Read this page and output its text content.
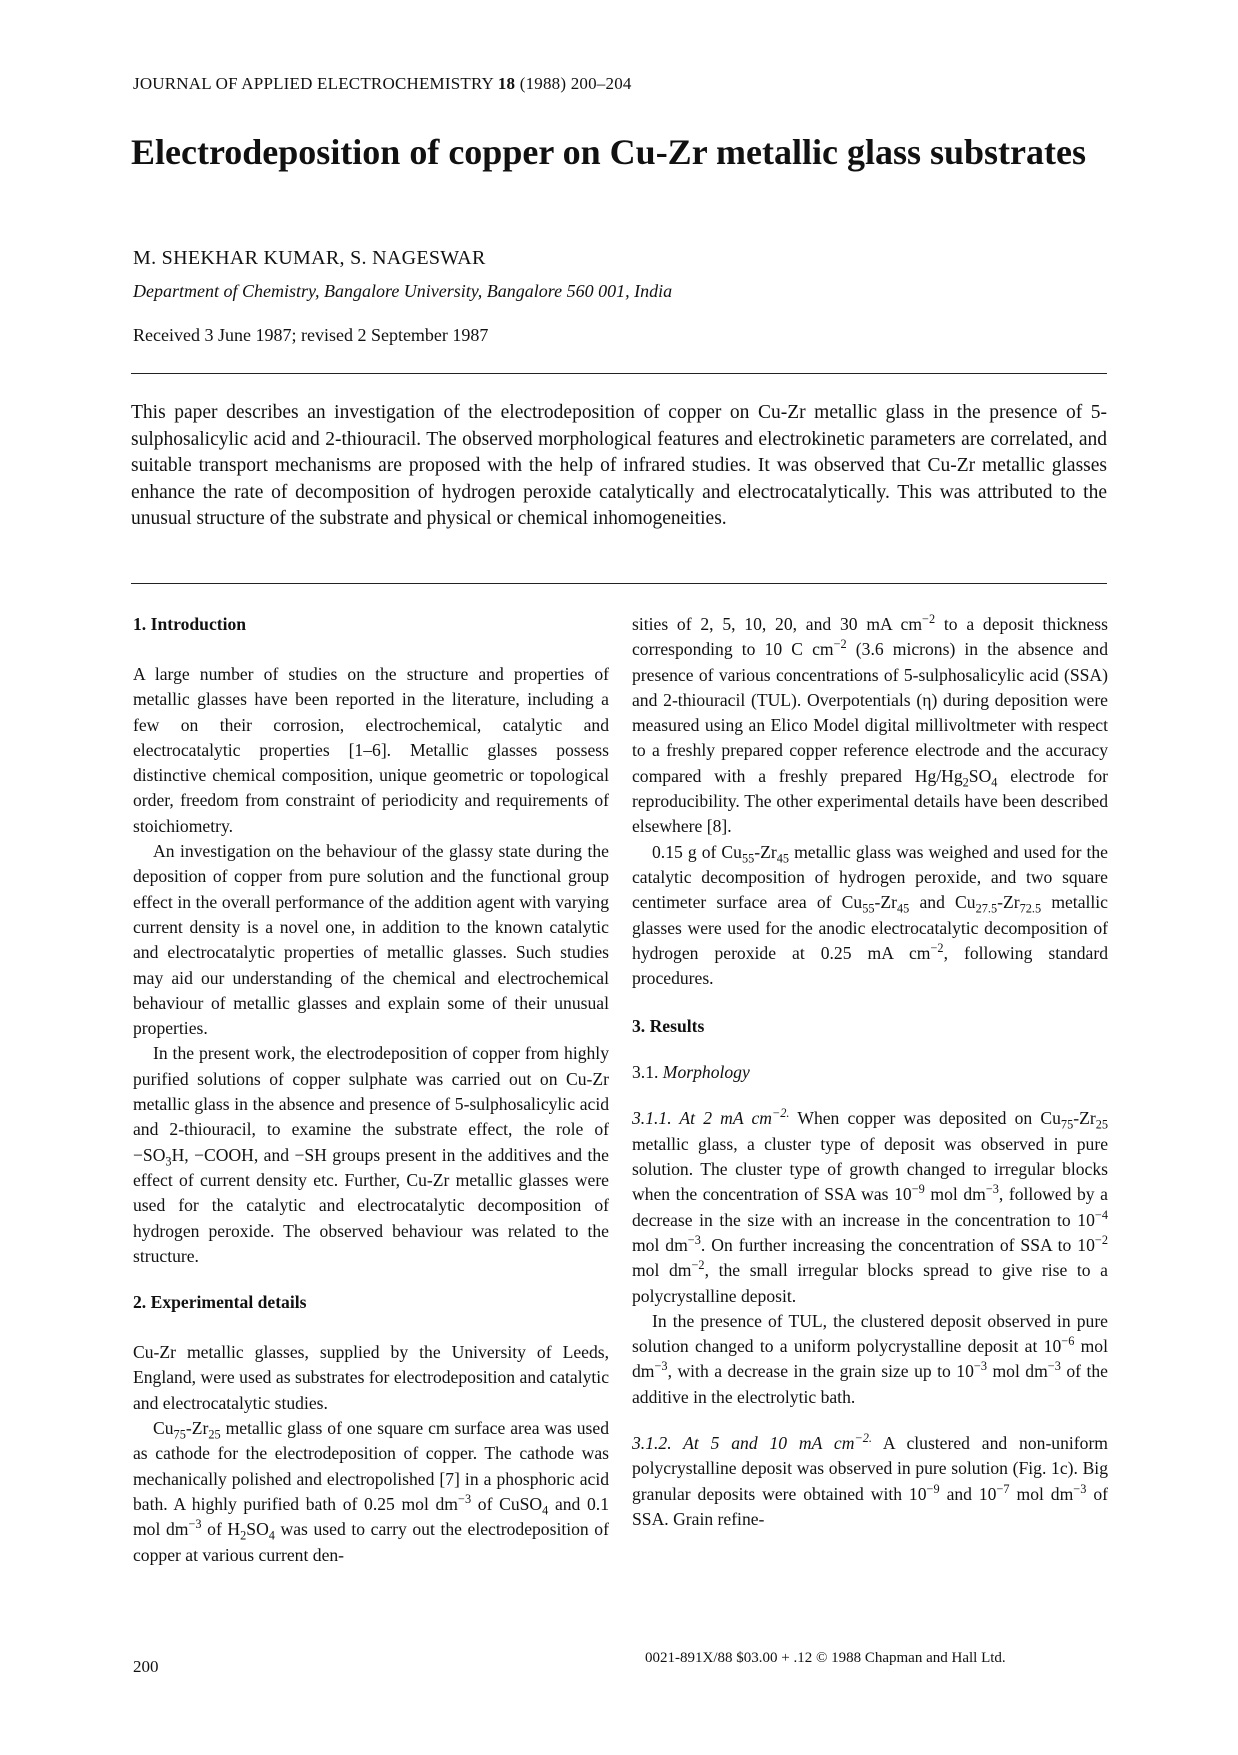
JOURNAL OF APPLIED ELECTROCHEMISTRY 18 (1988) 200–204
Electrodeposition of copper on Cu-Zr metallic glass substrates
M. SHEKHAR KUMAR, S. NAGESWAR
Department of Chemistry, Bangalore University, Bangalore 560 001, India
Received 3 June 1987; revised 2 September 1987

This paper describes an investigation of the electrodeposition of copper on Cu-Zr metallic glass in the presence of 5-sulphosalicylic acid and 2-thiouracil. The observed morphological features and electrokinetic parameters are correlated, and suitable transport mechanisms are proposed with the help of infrared studies. It was observed that Cu-Zr metallic glasses enhance the rate of decomposition of hydrogen peroxide catalytically and electrocatalytically. This was attributed to the unusual structure of the substrate and physical or chemical inhomogeneities.

1. Introduction

A large number of studies on the structure and properties of metallic glasses have been reported in the literature, including a few on their corrosion, electrochemical, catalytic and electrocatalytic properties [1–6]. Metallic glasses possess distinctive chemical composition, unique geometric or topological order, freedom from constraint of periodicity and requirements of stoichiometry.

An investigation on the behaviour of the glassy state during the deposition of copper from pure solution and the functional group effect in the overall performance of the addition agent with varying current density is a novel one, in addition to the known catalytic and electrocatalytic properties of metallic glasses. Such studies may aid our understanding of the chemical and electrochemical behaviour of metallic glasses and explain some of their unusual properties.

In the present work, the electrodeposition of copper from highly purified solutions of copper sulphate was carried out on Cu-Zr metallic glass in the absence and presence of 5-sulphosalicylic acid and 2-thiouracil, to examine the substrate effect, the role of $-SO_3H$, −COOH, and −SH groups present in the additives and the effect of current density etc. Further, Cu-Zr metallic glasses were used for the catalytic and electrocatalytic decomposition of hydrogen peroxide. The observed behaviour was related to the structure.

2. Experimental details

Cu-Zr metallic glasses, supplied by the University of Leeds, England, were used as substrates for electrodeposition and catalytic and electrocatalytic studies.

$Cu_{75}-Zr_{25}$ metallic glass of one square cm surface area was used as cathode for the electrodeposition of copper. The cathode was mechanically polished and electropolished [7] in a phosphoric acid bath. A highly purified bath of 0.25 mol $dm^{-3}$ of CuSO$_4$ and 0.1 mol $dm^{-3}$ of $H_2SO_4$ was used to carry out the electrodeposition of copper at various current den-

sities of 2, 5, 10, 20, and 30 mA $cm^{-2}$ to a deposit thickness corresponding to 10 C $cm^{-2}$ (3.6 microns) in the absence and presence of various concentrations of 5-sulphosalicylic acid (SSA) and 2-thiouracil (TUL). Overpotentials (η) during deposition were measured using an Elico Model digital millivoltmeter with respect to a freshly prepared copper reference electrode and the accuracy compared with a freshly prepared $Hg/Hg_2SO_4$ electrode for reproducibility. The other experimental details have been described elsewhere [8].

0.15 g of $Cu_{55}-Zr_{45}$ metallic glass was weighed and used for the catalytic decomposition of hydrogen peroxide, and two square centimeter surface area of $Cu_{55}-Zr_{45}$ and $Cu_{27.5}-Zr_{72.5}$ metallic glasses were used for the anodic electrocatalytic decomposition of hydrogen peroxide at 0.25 mA $cm^{-2}$, following standard procedures.

3. Results
3.1. Morphology

3.1.1. At 2 mA $cm^{-2.}$ When copper was deposited on $Cu_{75}-Zr_{25}$ metallic glass, a cluster type of deposit was observed in pure solution. The cluster type of growth changed to irregular blocks when the concentration of SSA was $10^{-9}$ mol $dm^{-3}$, followed by a decrease in the size with an increase in the concentration to $10^{-4}$ mol $dm^{-3}$. On further increasing the concentration of SSA to $10^{-2}$ mol $dm^{-2}$, the small irregular blocks spread to give rise to a polycrystalline deposit.

In the presence of TUL, the clustered deposit observed in pure solution changed to a uniform polycrystalline deposit at $10^{-6}$ mol $dm^{-3}$, with a decrease in the grain size up to $10^{-3}$ mol $dm^{-3}$ of the additive in the electrolytic bath.

3.1.2. At 5 and 10 mA $cm^{-2.}$ A clustered and non-uniform polycrystalline deposit was observed in pure solution (Fig. 1c). Big granular deposits were obtained with $10^{-9}$ and $10^{-7}$ mol $dm^{-3}$ of SSA. Grain refine-

200	0021-891X/88 $03.00 + .12 © 1988 Chapman and Hall Ltd.
